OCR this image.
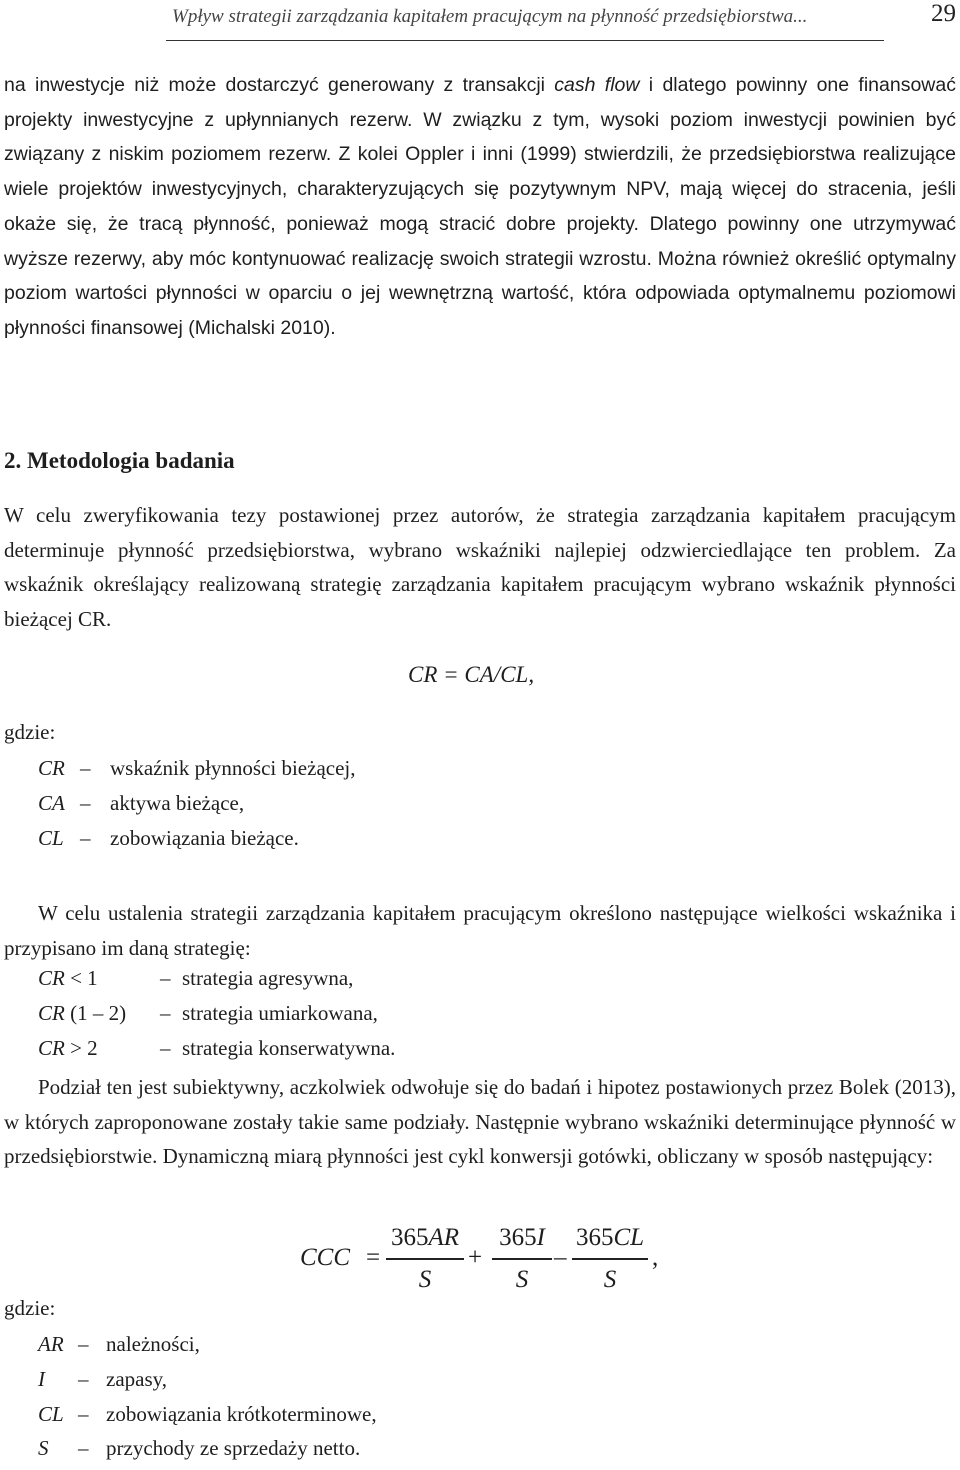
Wpływ strategii zarządzania kapitałem pracującym na płynność przedsiębiorstwa...	29

na inwestycje niż może dostarczyć generowany z transakcji cash flow i dlatego powinny one finansować projekty inwestycyjne z upłynnianych rezerw. W związku z tym, wysoki poziom inwestycji powinien być związany z niskim poziomem rezerw. Z kolei Oppler i inni (1999) stwierdzili, że przedsiębiorstwa realizujące wiele projektów inwestycyjnych, charakteryzujących się pozytywnym NPV, mają więcej do stracenia, jeśli okaże się, że tracą płynność, ponieważ mogą stracić dobre projekty. Dlatego powinny one utrzymywać wyższe rezerwy, aby móc kontynuować realizację swoich strategii wzrostu. Można również określić optymalny poziom wartości płynności w oparciu o jej wewnętrzną wartość, która odpowiada optymalnemu poziomowi płynności finansowej (Michalski 2010).

2. Metodologia badania

W celu zweryfikowania tezy postawionej przez autorów, że strategia zarządzania kapitałem pracującym determinuje płynność przedsiębiorstwa, wybrano wskaźniki najlepiej odzwierciedlające ten problem. Za wskaźnik określający realizowaną strategię zarządzania kapitałem pracującym wybrano wskaźnik płynności bieżącej CR.

CR = CA/CL,
gdzie:
CR – wskaźnik płynności bieżącej,
CA – aktywa bieżące,
CL – zobowiązania bieżące.

W celu ustalenia strategii zarządzania kapitałem pracującym określono następujące wielkości wskaźnika i przypisano im daną strategię:

CR < 1	– strategia agresywna,
CR (1 – 2) – strategia umiarkowana,
CR > 2	– strategia konserwatywna.

Podział ten jest subiektywny, aczkolwiek odwołuje się do badań i hipotez postawionych przez Bolek (2013), w których zaproponowane zostały takie same podziały. Następnie wybrano wskaźniki determinujące płynność w przedsiębiorstwie. Dynamiczną miarą płynności jest cykl konwersji gotówki, obliczany w sposób następujący:

CCC =
365AR
S
+
365I
S
–
365CL
S
,
gdzie:
AR – należności,
I – zapasy,
CL – zobowiązania krótkoterminowe,
S – przychody ze sprzedaży netto.
